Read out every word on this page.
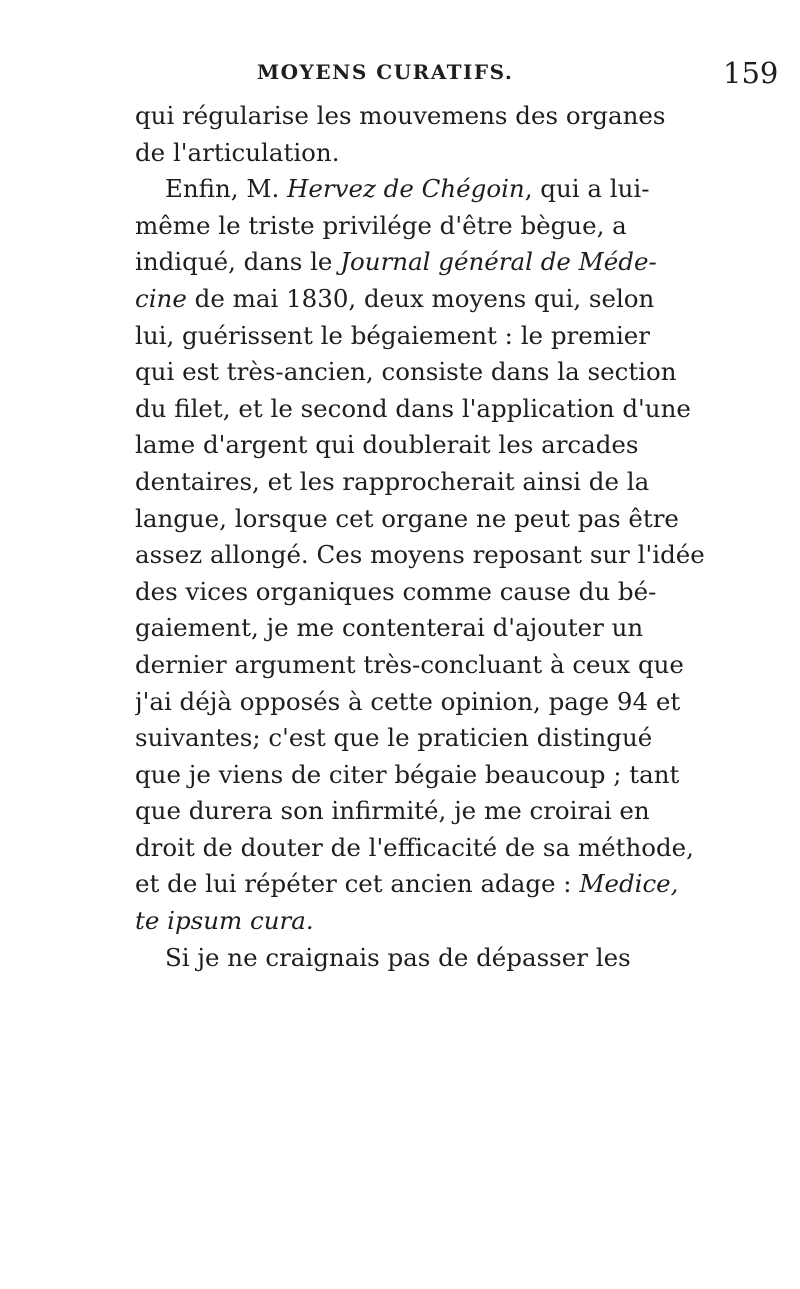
MOYENS CURATIFS.	159
qui régularise les mouvemens des organes
de l'articulation.
Enfin, M. Hervez de Chégoin, qui a lui-
même le triste privilége d'être bègue, a
indiqué, dans le Journal général de Méde-
cine de mai 1830, deux moyens qui, selon
lui, guérissent le bégaiement : le premier
qui est très-ancien, consiste dans la section
du filet, et le second dans l'application d'une
lame d'argent qui doublerait les arcades
dentaires, et les rapprocherait ainsi de la
langue, lorsque cet organe ne peut pas être
assez allongé. Ces moyens reposant sur l'idée
des vices organiques comme cause du bé-
gaiement, je me contenterai d'ajouter un
dernier argument très-concluant à ceux que
j'ai déjà opposés à cette opinion, page 94 et
suivantes; c'est que le praticien distingué
que je viens de citer bégaie beaucoup ; tant
que durera son infirmité, je me croirai en
droit de douter de l'efficacité de sa méthode,
et de lui répéter cet ancien adage : Medice,
te ipsum cura.
Si je ne craignais pas de dépasser les
